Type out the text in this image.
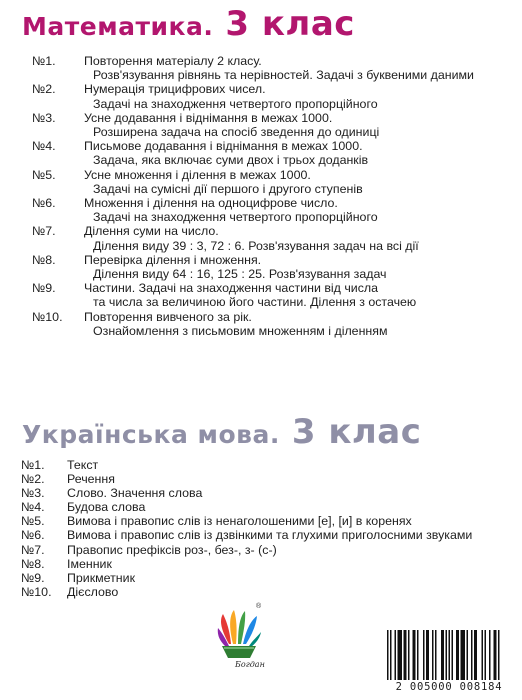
Математика. 3 клас
№1.	Повторення матеріалу 2 класу.
Розв'язування рівнянь та нерівностей. Задачі з буквеними даними
№2.	Нумерація трицифрових чисел.
Задачі на знаходження четвертого пропорційного
№3.	Усне додавання і віднімання в межах 1000.
Розширена задача на спосіб зведення до одиниці
№4.	Письмове додавання і віднімання в межах 1000.
Задача, яка включає суми двох і трьох доданків
№5.	Усне множення і ділення в межах 1000.
Задачі на сумісні дії першого і другого ступенів
№6.	Множення і ділення на одноцифрове число.
Задачі на знаходження четвертого пропорційного
№7.	Ділення суми на число.
Ділення виду 39 : 3, 72 : 6. Розв'язування задач на всі дії
№8.	Перевірка ділення і множення.
Ділення виду 64 : 16, 125 : 25. Розв'язування задач
№9.	Частини. Задачі на знаходження частини від числа
та числа за величиною його частини. Ділення з остачею
№10.	Повторення вивченого за рік.
Ознайомлення з письмовим множенням і діленням
Українська мова. 3 клас
№1.	Текст
№2.	Речення
№3.	Слово. Значення слова
№4.	Будова слова
№5.	Вимова і правопис слів із ненаголошеними [е], [и] в коренях
№6.	Вимова і правопис слів із дзвінкими та глухими приголосними звуками
№7.	Правопис префіксів роз-, без-, з- (с-)
№8.	Іменник
№9.	Прикметник
№10.	Дієслово
®
Богдан
2 005000 008184
